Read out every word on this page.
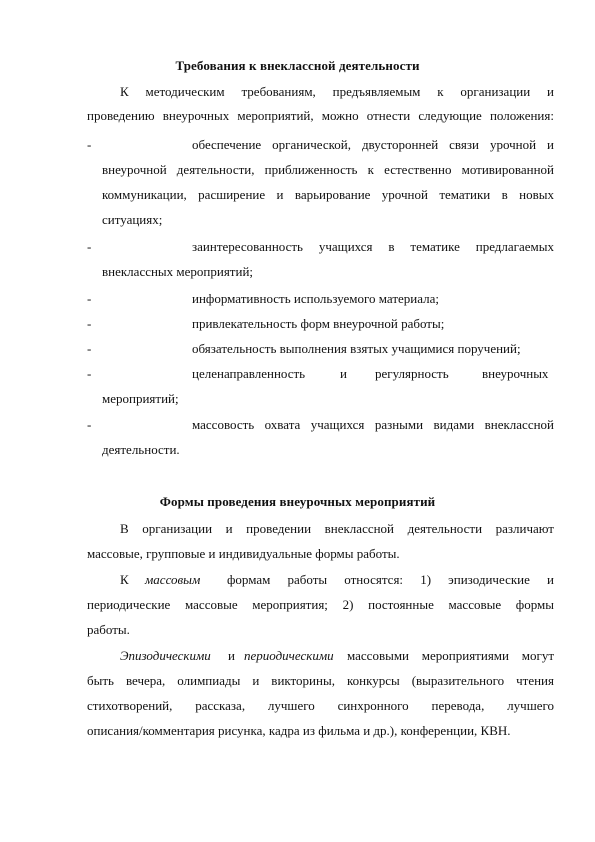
Требования к внеклассной деятельности
К методическим требованиям, предъявляемым к организации и
проведению внеурочных мероприятий, можно отнести следующие положения:
-	обеспечение органической, двусторонней связи урочной и
внеурочной деятельности, приближенность к естественно мотивированной
коммуникации, расширение и варьирование урочной тематики в новых
ситуациях;
-	заинтересованность учащихся в тематике предлагаемых
внеклассных мероприятий;
-	информативность используемого материала;
-	привлекательность форм внеурочной работы;
-	обязательность выполнения взятых учащимися поручений;
-	целенаправленность	и регулярность	внеурочных
мероприятий;
-	массовость охвата учащихся разными видами внеклассной
деятельности.
Формы проведения внеурочных мероприятий
В организации и проведении внеклассной деятельности различают
массовые, групповые и индивидуальные формы работы.
К массовым формам работы относятся: 1) эпизодические и
периодические массовые мероприятия; 2) постоянные массовые формы
работы.
Эпизодическими и периодическими массовыми мероприятиями могут
быть вечера, олимпиады и викторины, конкурсы (выразительного чтения
стихотворений, рассказа, лучшего синхронного перевода, лучшего
описания/комментария рисунка, кадра из фильма и др.), конференции, КВН.
